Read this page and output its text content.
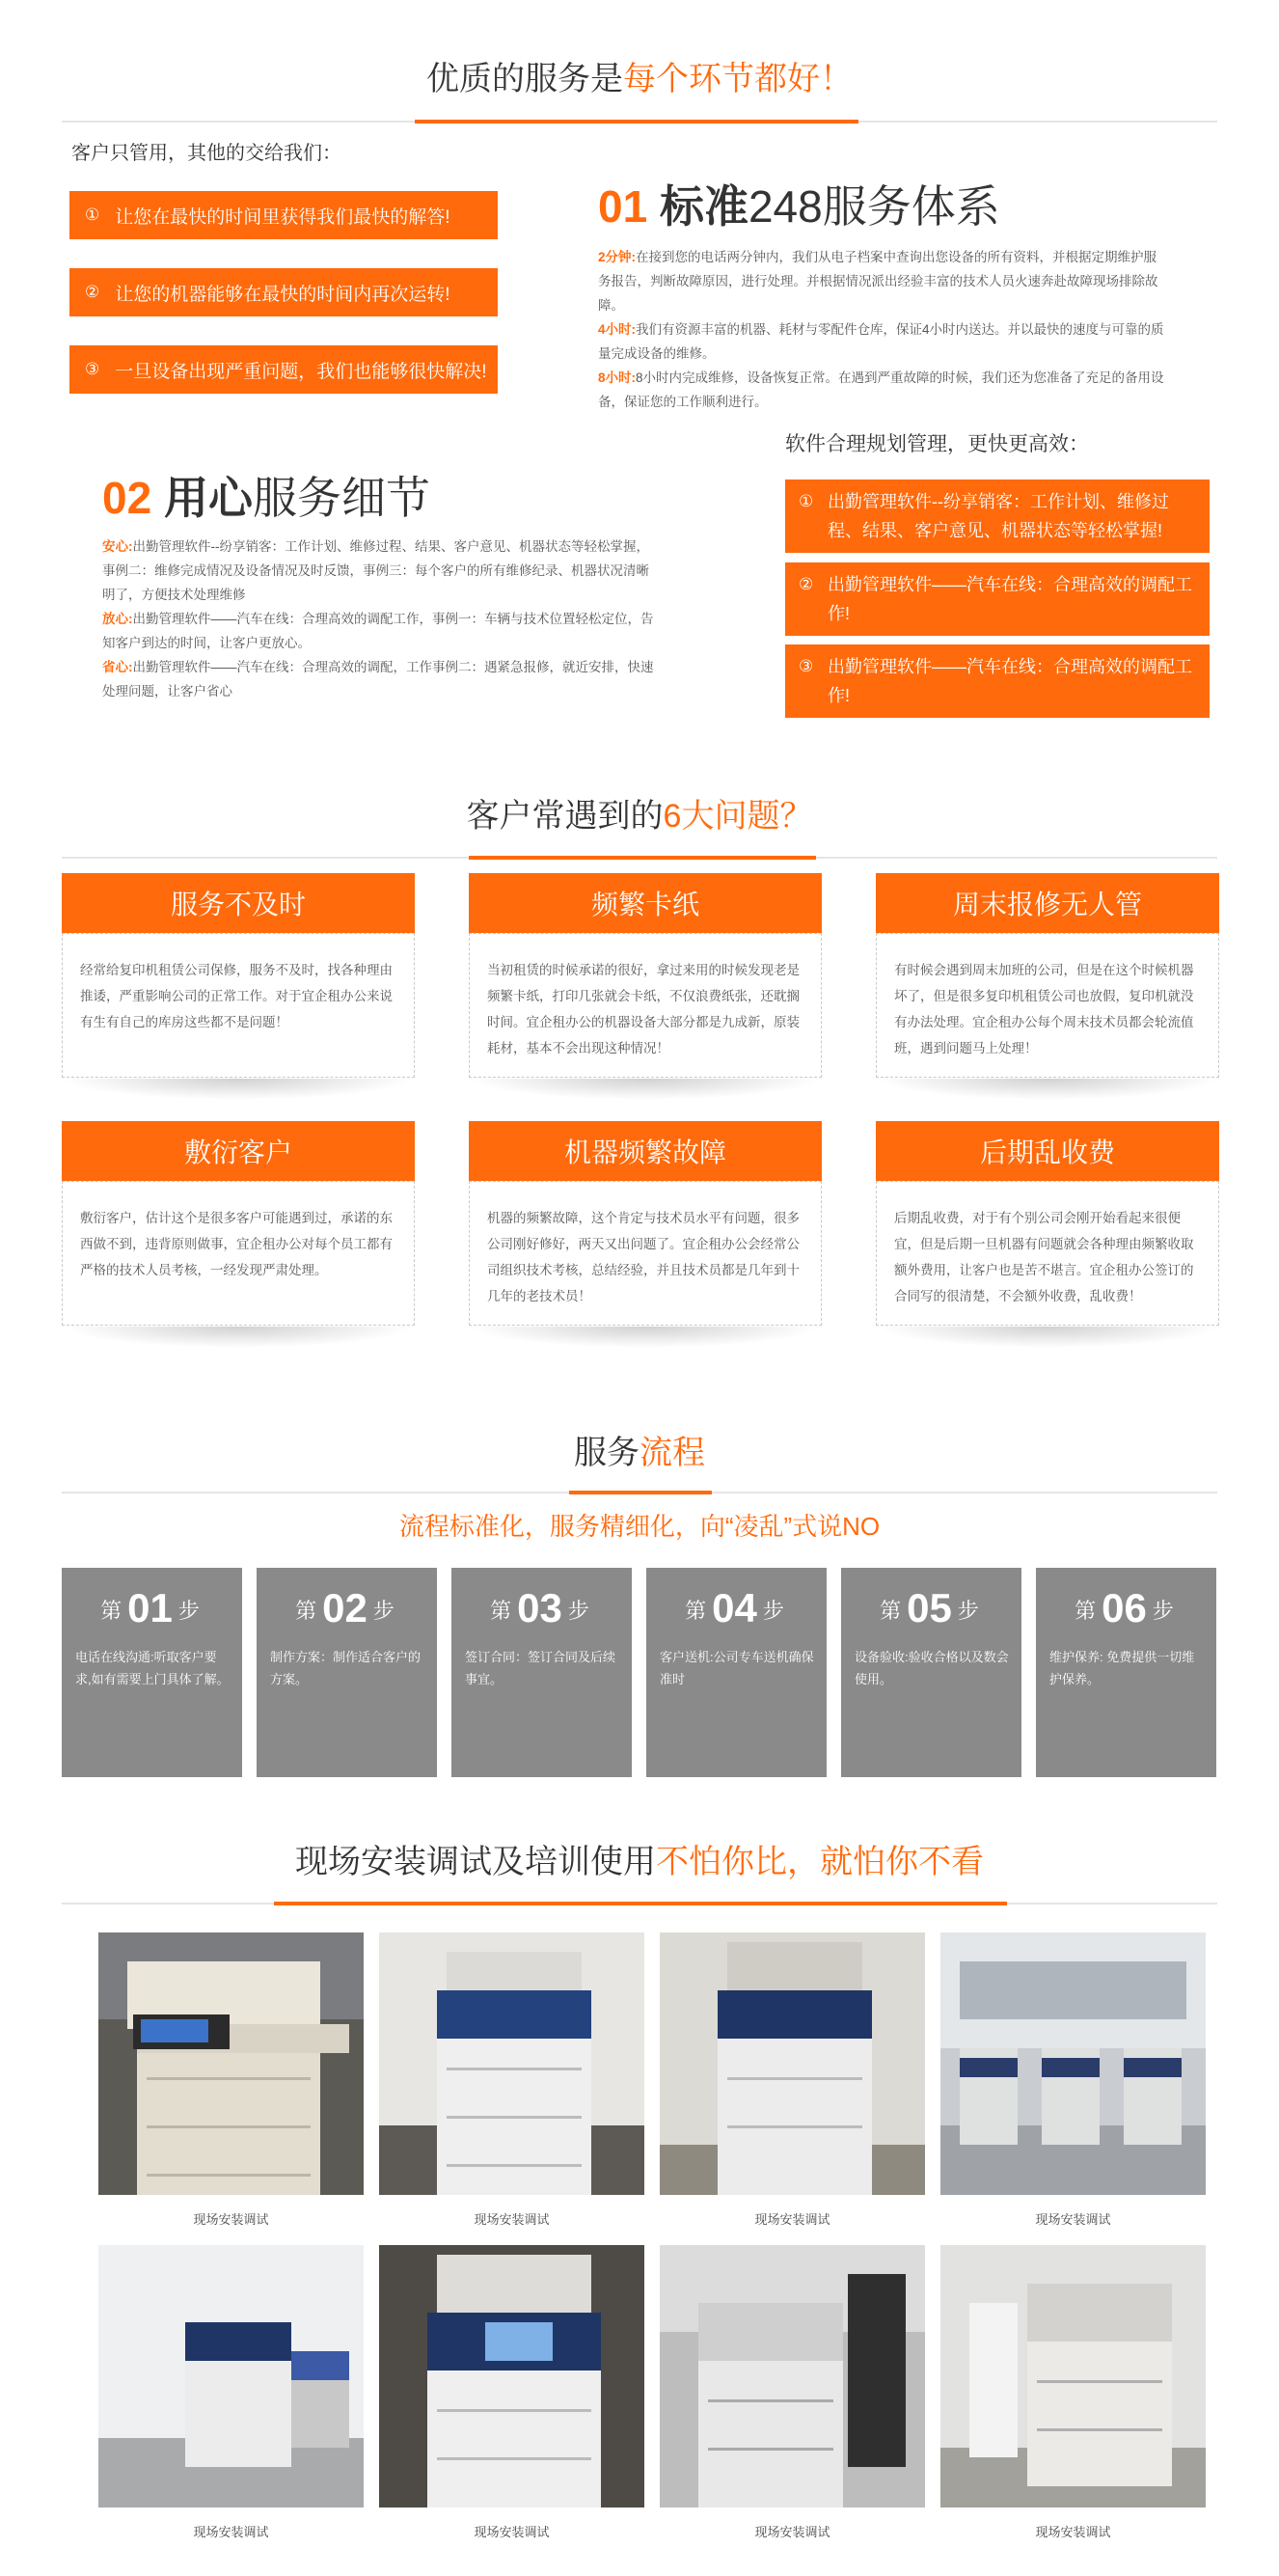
优质的服务是每个环节都好！
客户只管用，其他的交给我们：
① 让您在最快的时间里获得我们最快的解答!
② 让您的机器能够在最快的时间内再次运转!
③ 一旦设备出现严重问题，我们也能够很快解决!
01 标准248服务体系
2分钟:在接到您的电话两分钟内，我们从电子档案中查询出您设备的所有资料，并根据定期维护服务报告，判断故障原因，进行处理。并根据情况派出经验丰富的技术人员火速奔赴故障现场排除故障。
4小时:我们有资源丰富的机器、耗材与零配件仓库，保证4小时内送达。并以最快的速度与可靠的质量完成设备的维修。
8小时:8小时内完成维修，设备恢复正常。在遇到严重故障的时候，我们还为您准备了充足的备用设备，保证您的工作顺利进行。
软件合理规划管理，更快更高效：
① 出勤管理软件--纷享销客：工作计划、维修过程、结果、客户意见、机器状态等轻松掌握!
② 出勤管理软件——汽车在线：合理高效的调配工作!
③ 出勤管理软件——汽车在线：合理高效的调配工作!
02 用心服务细节
安心:出勤管理软件--纷享销客：工作计划、维修过程、结果、客户意见、机器状态等轻松掌握，事例二：维修完成情况及设备情况及时反馈，事例三：每个客户的所有维修纪录、机器状况清晰明了，方便技术处理维修
放心:出勤管理软件——汽车在线：合理高效的调配工作，事例一：车辆与技术位置轻松定位，告知客户到达的时间，让客户更放心。
省心:出勤管理软件——汽车在线：合理高效的调配，工作事例二：遇紧急报修，就近安排，快速处理问题，让客户省心
客户常遇到的6大问题？
服务不及时
经常给复印机租赁公司保修，服务不及时，找各种理由推诿，严重影响公司的正常工作。对于宜企租办公来说有生有自己的库房这些都不是问题！
频繁卡纸
当初租赁的时候承诺的很好，拿过来用的时候发现老是频繁卡纸，打印几张就会卡纸，不仅浪费纸张，还耽搁时间。宜企租办公的机器设备大部分都是九成新，原装耗材，基本不会出现这种情况！
周末报修无人管
有时候会遇到周末加班的公司，但是在这个时候机器坏了，但是很多复印机租赁公司也放假，复印机就没有办法处理。宜企租办公每个周末技术员都会轮流值班，遇到问题马上处理！
敷衍客户
敷衍客户，估计这个是很多客户可能遇到过，承诺的东西做不到，违背原则做事，宜企租办公对每个员工都有严格的技术人员考核，一经发现严肃处理。
机器频繁故障
机器的频繁故障，这个肯定与技术员水平有问题，很多公司刚好修好，两天又出问题了。宜企租办公会经常公司组织技术考核，总结经验，并且技术员都是几年到十几年的老技术员！
后期乱收费
后期乱收费，对于有个别公司会刚开始看起来很便宜，但是后期一旦机器有问题就会各种理由频繁收取额外费用，让客户也是苦不堪言。宜企租办公签订的合同写的很清楚，不会额外收费，乱收费！
服务流程
流程标准化，服务精细化，向“凌乱”式说NO
第 01 步
电话在线沟通:听取客户要求,如有需要上门具体了解。
第 02 步
制作方案：制作适合客户的方案。
第 03 步
签订合同：签订合同及后续事宜。
第 04 步
客户送机:公司专车送机确保准时
第 05 步
设备验收:验收合格以及数会使用。
第 06 步
维护保养: 免费提供一切维护保养。
现场安装调试及培训使用不怕你比，就怕你不看
现场安装调试	现场安装调试	现场安装调试	现场安装调试
现场安装调试	现场安装调试	现场安装调试	现场安装调试
